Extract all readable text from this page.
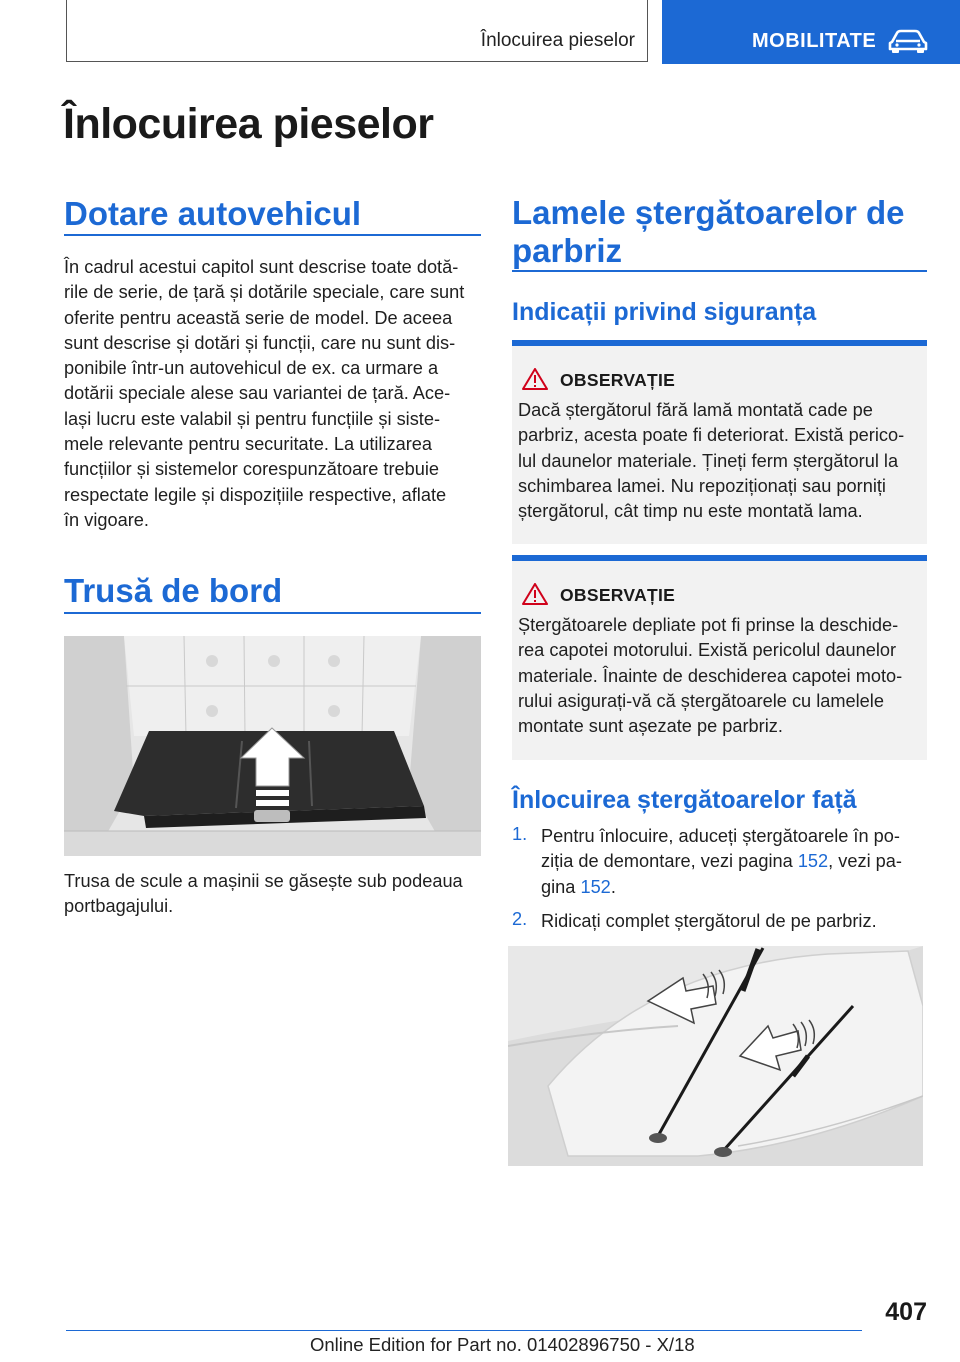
Înlocuirea pieselor	MOBILITATE
Înlocuirea pieselor
Dotare autovehicul
În cadrul acestui capitol sunt descrise toate dotă‐
rile de serie, de țară și dotările speciale, care sunt
oferite pentru această serie de model. De aceea
sunt descrise și dotări și funcții, care nu sunt dis‐
ponibile într-un autovehicul de ex. ca urmare a
dotării speciale alese sau variantei de țară. Ace‐
lași lucru este valabil și pentru funcțiile și siste‐
mele relevante pentru securitate. La utilizarea
funcțiilor și sistemelor corespunzătoare trebuie
respectate legile și dispozițiile respective, aflate
în vigoare.
Trusă de bord
Trusa de scule a mașinii se găsește sub podeaua
portbagajului.
Lamele ștergătoarelor de
parbriz
Indicații privind siguranța
OBSERVAȚIE
Dacă ștergătorul fără lamă montată cade pe
parbriz, acesta poate fi deteriorat. Există perico‐
lul daunelor materiale. Țineți ferm ștergătorul la
schimbarea lamei. Nu repoziționați sau porniți
ștergătorul, cât timp nu este montată lama.
OBSERVAȚIE
Ștergătoarele depliate pot fi prinse la deschide‐
rea capotei motorului. Există pericolul daunelor
materiale. Înainte de deschiderea capotei moto‐
rului asigurați-vă că ștergătoarele cu lamelele
montate sunt așezate pe parbriz.
Înlocuirea ștergătoarelor față
1. Pentru înlocuire, aduceți ștergătoarele în po‐
ziția de demontare, vezi pagina 152, vezi pa‐
gina 152.
2. Ridicați complet ștergătorul de pe parbriz.
407
Online Edition for Part no. 01402896750 - X/18
